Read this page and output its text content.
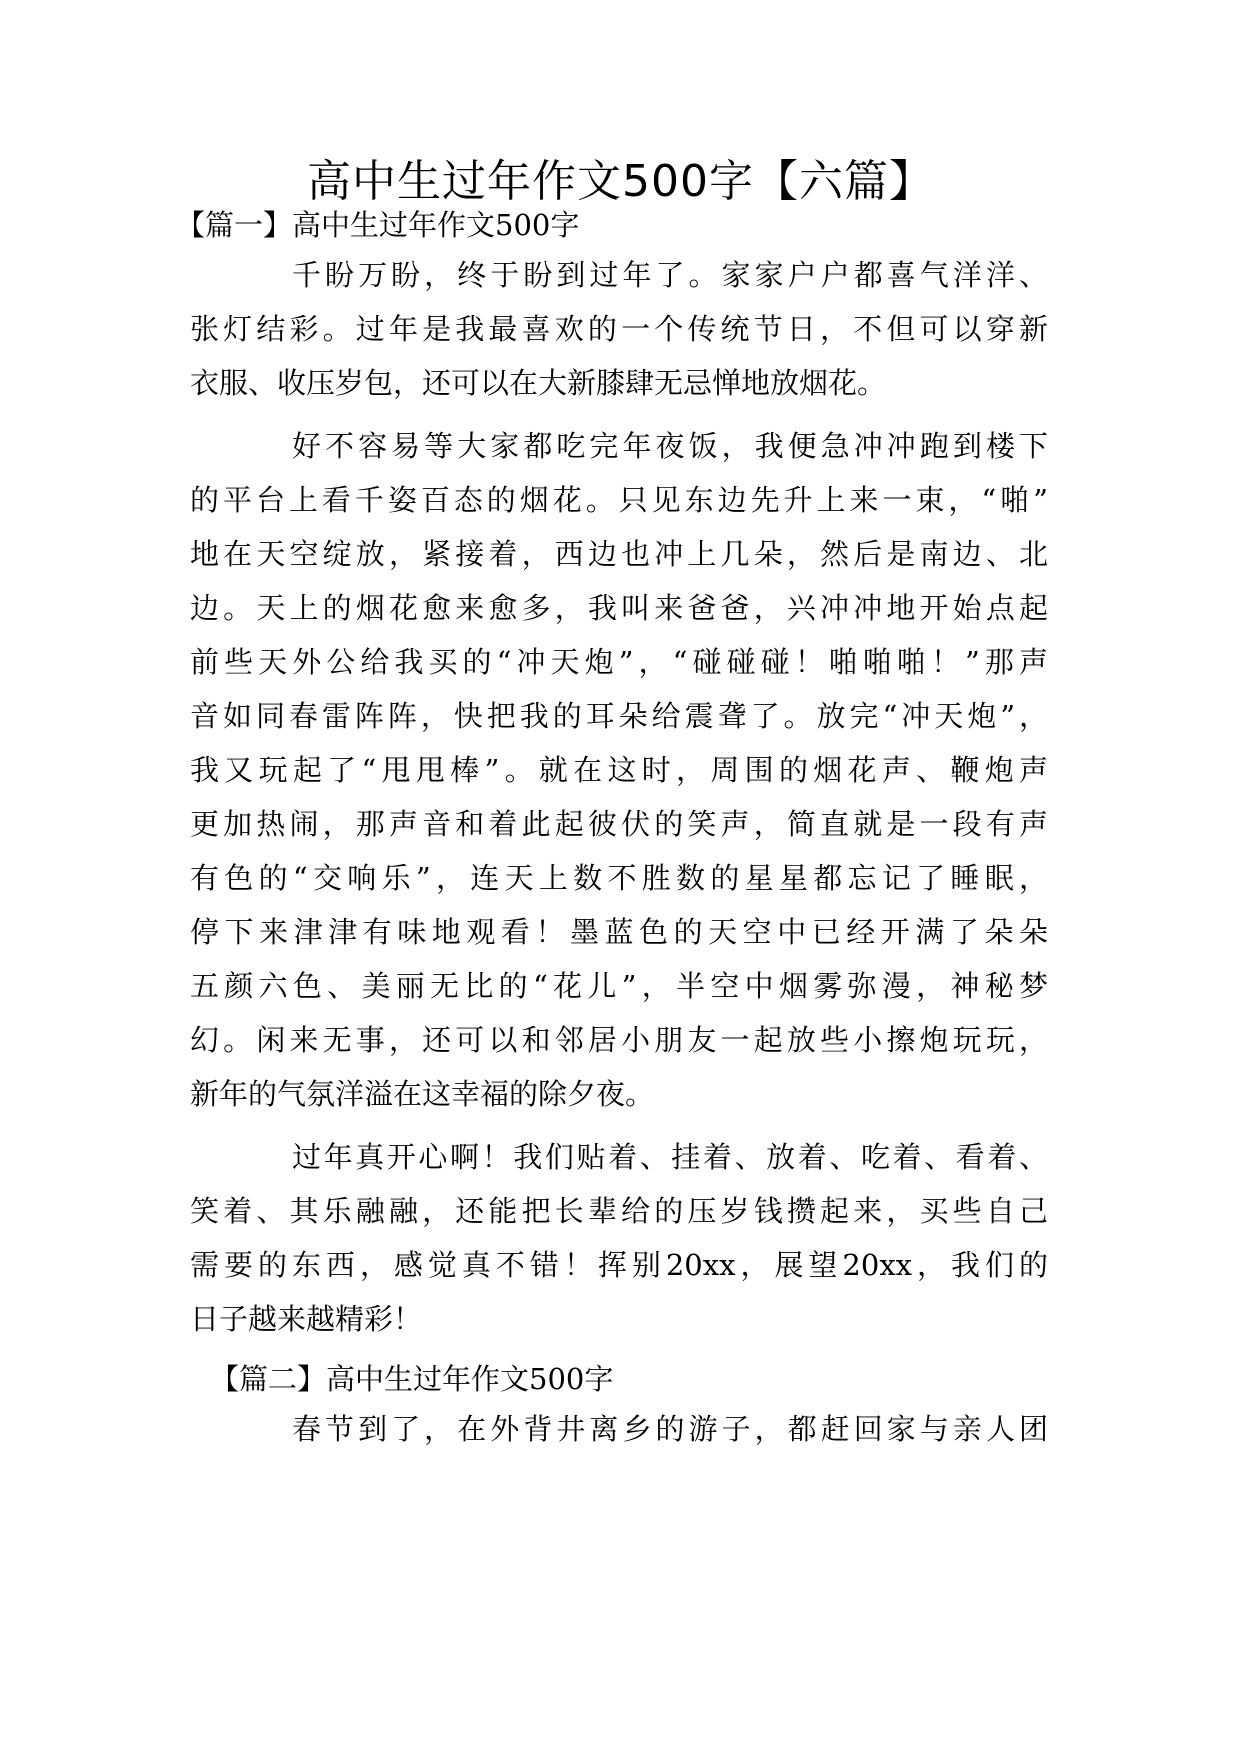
高中生过年作文500字【六篇】
【篇一】高中生过年作文500字
千盼万盼，终于盼到过年了。家家户户都喜气洋洋、
张灯结彩。过年是我最喜欢的一个传统节日，不但可以穿新
衣服、收压岁包，还可以在大新膝肆无忌惮地放烟花。
好不容易等大家都吃完年夜饭，我便急冲冲跑到楼下
的平台上看千姿百态的烟花。只见东边先升上来一束，“啪”
地在天空绽放，紧接着，西边也冲上几朵，然后是南边、北
边。天上的烟花愈来愈多，我叫来爸爸，兴冲冲地开始点起
前些天外公给我买的“冲天炮”，“碰碰碰！啪啪啪！”那声
音如同春雷阵阵，快把我的耳朵给震聋了。放完“冲天炮”，
我又玩起了“甩甩棒”。就在这时，周围的烟花声、鞭炮声
更加热闹，那声音和着此起彼伏的笑声，简直就是一段有声
有色的“交响乐”，连天上数不胜数的星星都忘记了睡眠，
停下来津津有味地观看！墨蓝色的天空中已经开满了朵朵
五颜六色、美丽无比的“花儿”，半空中烟雾弥漫，神秘梦
幻。闲来无事，还可以和邻居小朋友一起放些小擦炮玩玩，
新年的气氛洋溢在这幸福的除夕夜。
过年真开心啊！我们贴着、挂着、放着、吃着、看着、
笑着、其乐融融，还能把长辈给的压岁钱攒起来，买些自己
需要的东西，感觉真不错！挥别20xx，展望20xx，我们的
日子越来越精彩！
【篇二】高中生过年作文500字
春节到了，在外背井离乡的游子，都赶回家与亲人团
